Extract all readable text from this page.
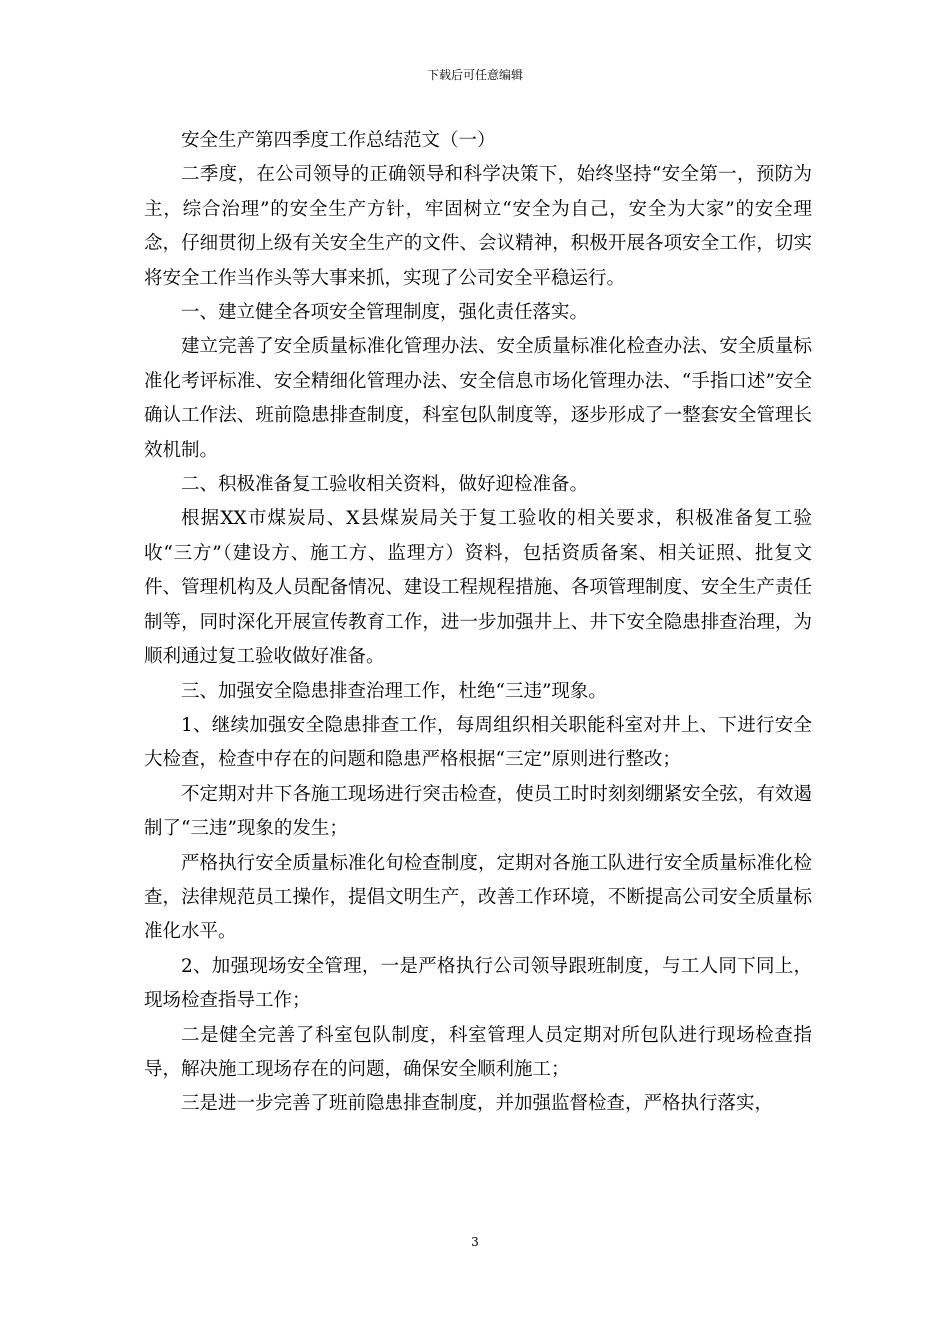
下载后可任意编辑

安全生产第四季度工作总结范文（一）

二季度，在公司领导的正确领导和科学决策下，始终坚持“安全第一，预防为主，综合治理”的安全生产方针，牢固树立“安全为自己，安全为大家”的安全理念，仔细贯彻上级有关安全生产的文件、会议精神，积极开展各项安全工作，切实将安全工作当作头等大事来抓，实现了公司安全平稳运行。

一、建立健全各项安全管理制度，强化责任落实。

建立完善了安全质量标准化管理办法、安全质量标准化检查办法、安全质量标准化考评标准、安全精细化管理办法、安全信息市场化管理办法、“手指口述”安全确认工作法、班前隐患排查制度，科室包队制度等，逐步形成了一整套安全管理长效机制。

二、积极准备复工验收相关资料，做好迎检准备。

根据XX市煤炭局、X县煤炭局关于复工验收的相关要求，积极准备复工验收“三方”（建设方、施工方、监理方）资料，包括资质备案、相关证照、批复文件、管理机构及人员配备情况、建设工程规程措施、各项管理制度、安全生产责任制等，同时深化开展宣传教育工作，进一步加强井上、井下安全隐患排查治理，为顺利通过复工验收做好准备。

三、加强安全隐患排查治理工作，杜绝“三违”现象。

1、继续加强安全隐患排查工作，每周组织相关职能科室对井上、下进行安全大检查，检查中存在的问题和隐患严格根据“三定”原则进行整改；

不定期对井下各施工现场进行突击检查，使员工时时刻刻绷紧安全弦，有效遏制了“三违”现象的发生；

严格执行安全质量标准化旬检查制度，定期对各施工队进行安全质量标准化检查，法律规范员工操作，提倡文明生产，改善工作环境，不断提高公司安全质量标准化水平。

2、加强现场安全管理，一是严格执行公司领导跟班制度，与工人同下同上，现场检查指导工作；

二是健全完善了科室包队制度，科室管理人员定期对所包队进行现场检查指导，解决施工现场存在的问题，确保安全顺利施工；

三是进一步完善了班前隐患排查制度，并加强监督检查，严格执行落实，

3
